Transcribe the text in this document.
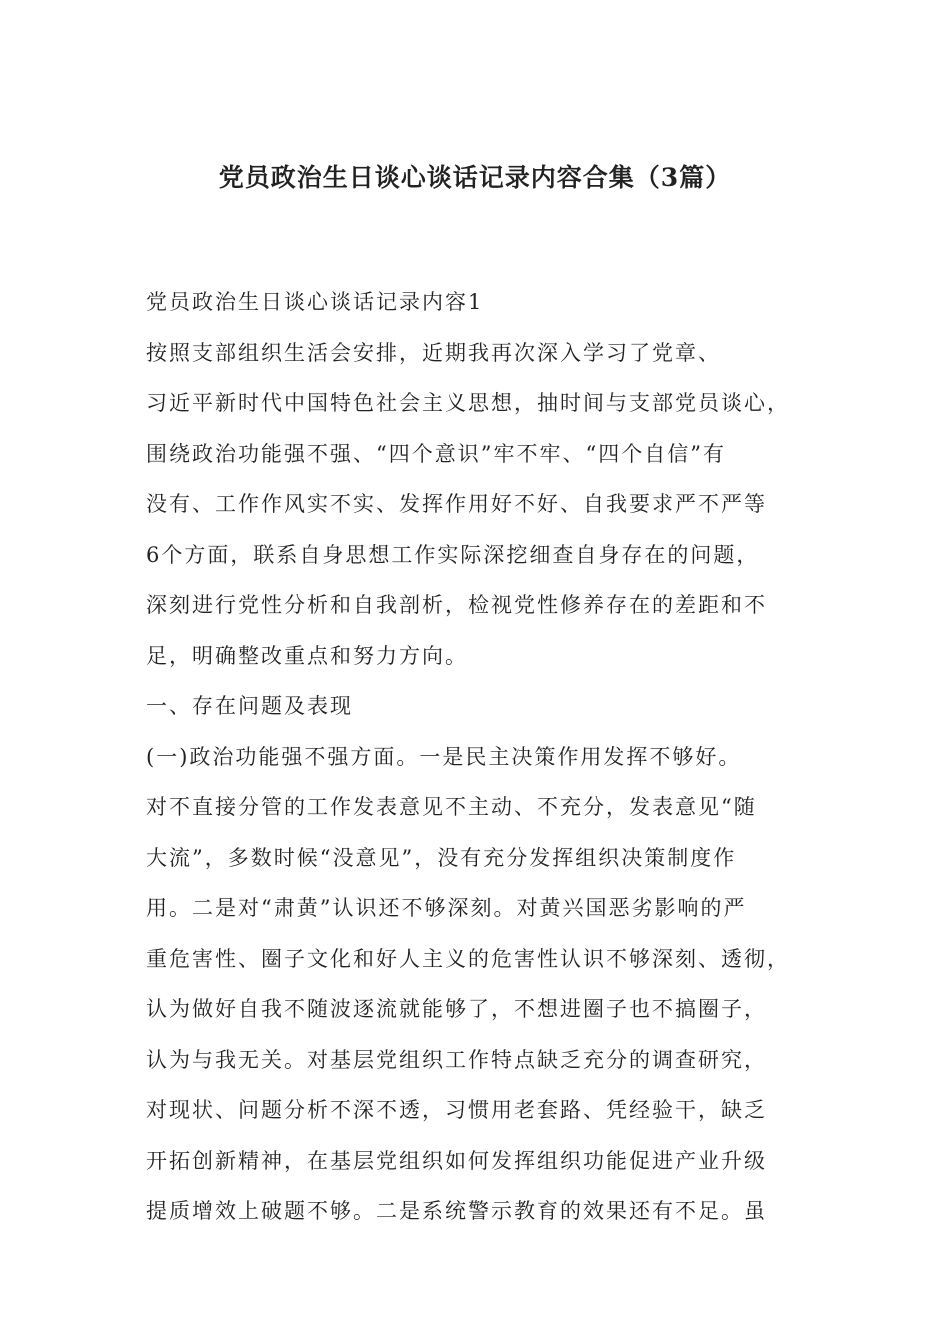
党员政治生日谈心谈话记录内容合集（3篇）

党员政治生日谈心谈话记录内容1

按照支部组织生活会安排，近期我再次深入学习了党章、

习近平新时代中国特色社会主义思想，抽时间与支部党员谈心，

围绕政治功能强不强、“四个意识”牢不牢、“四个自信”有

没有、工作作风实不实、发挥作用好不好、自我要求严不严等

6个方面，联系自身思想工作实际深挖细查自身存在的问题，

深刻进行党性分析和自我剖析，检视党性修养存在的差距和不

足，明确整改重点和努力方向。

一、存在问题及表现

(一)政治功能强不强方面。一是民主决策作用发挥不够好。

对不直接分管的工作发表意见不主动、不充分，发表意见“随

大流”，多数时候“没意见”，没有充分发挥组织决策制度作

用。二是对“肃黄”认识还不够深刻。对黄兴国恶劣影响的严

重危害性、圈子文化和好人主义的危害性认识不够深刻、透彻，

认为做好自我不随波逐流就能够了，不想进圈子也不搞圈子，

认为与我无关。对基层党组织工作特点缺乏充分的调查研究，

对现状、问题分析不深不透，习惯用老套路、凭经验干，缺乏

开拓创新精神，在基层党组织如何发挥组织功能促进产业升级

提质增效上破题不够。二是系统警示教育的效果还有不足。虽
